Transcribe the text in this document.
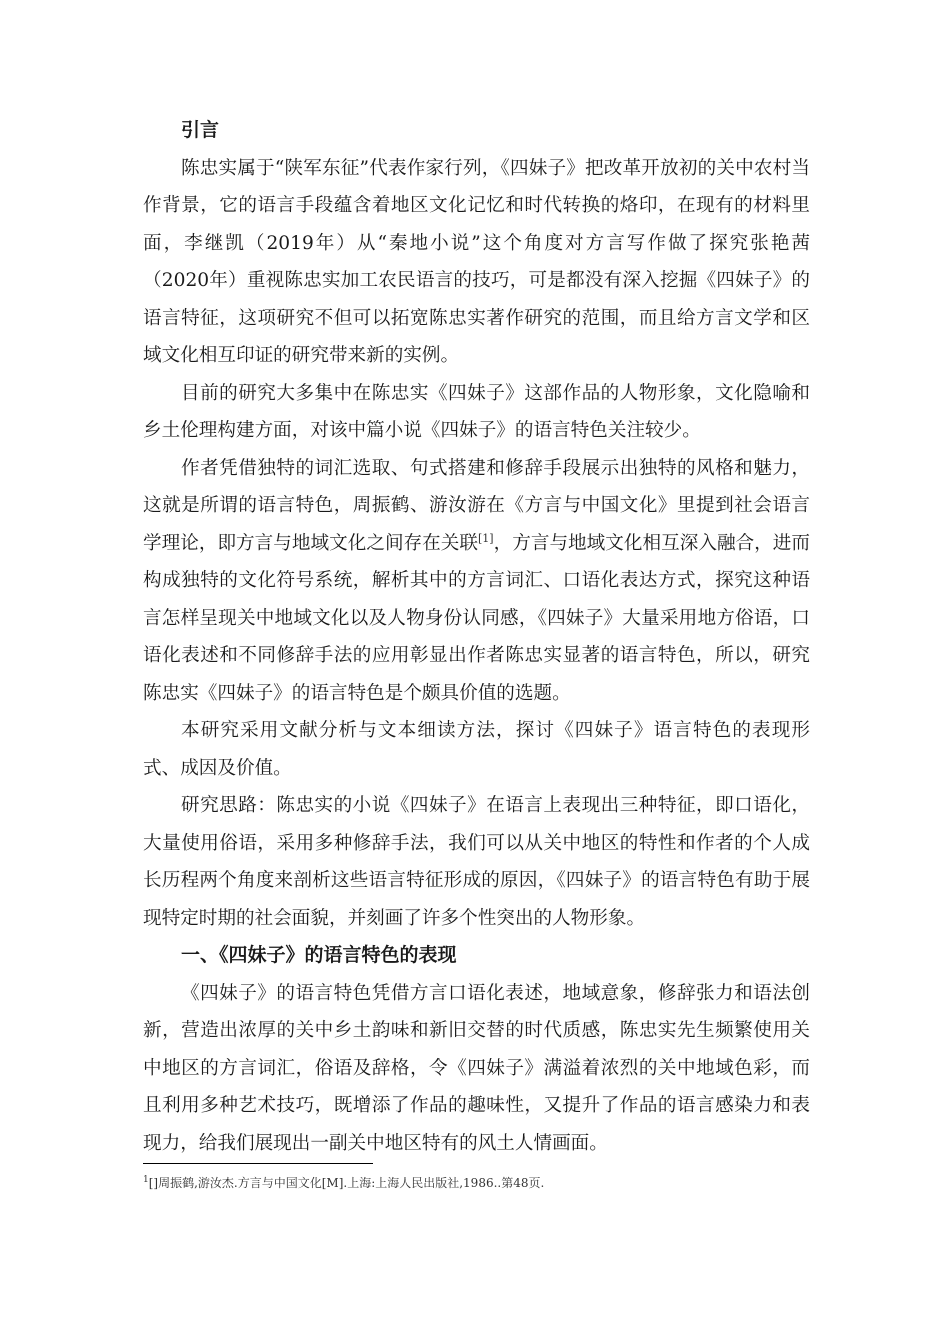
引言

陈忠实属于“陕军东征”代表作家行列，《四妹子》把改革开放初的关中农村当作背景，它的语言手段蕴含着地区文化记忆和时代转换的烙印，在现有的材料里面，李继凯（2019年）从“秦地小说”这个角度对方言写作做了探究张艳茜（2020年）重视陈忠实加工农民语言的技巧，可是都没有深入挖掘《四妹子》的语言特征，这项研究不但可以拓宽陈忠实著作研究的范围，而且给方言文学和区域文化相互印证的研究带来新的实例。

目前的研究大多集中在陈忠实《四妹子》这部作品的人物形象，文化隐喻和乡土伦理构建方面，对该中篇小说《四妹子》的语言特色关注较少。

作者凭借独特的词汇选取、句式搭建和修辞手段展示出独特的风格和魅力，这就是所谓的语言特色，周振鹤、游汝游在《方言与中国文化》里提到社会语言学理论，即方言与地域文化之间存在关联[1]，方言与地域文化相互深入融合，进而构成独特的文化符号系统，解析其中的方言词汇、口语化表达方式，探究这种语言怎样呈现关中地域文化以及人物身份认同感，《四妹子》大量采用地方俗语，口语化表述和不同修辞手法的应用彰显出作者陈忠实显著的语言特色，所以，研究陈忠实《四妹子》的语言特色是个颇具价值的选题。

本研究采用文献分析与文本细读方法，探讨《四妹子》语言特色的表现形式、成因及价值。

研究思路：陈忠实的小说《四妹子》在语言上表现出三种特征，即口语化，大量使用俗语，采用多种修辞手法，我们可以从关中地区的特性和作者的个人成长历程两个角度来剖析这些语言特征形成的原因，《四妹子》的语言特色有助于展现特定时期的社会面貌，并刻画了许多个性突出的人物形象。

一、《四妹子》的语言特色的表现

《四妹子》的语言特色凭借方言口语化表述，地域意象，修辞张力和语法创新，营造出浓厚的关中乡土韵味和新旧交替的时代质感，陈忠实先生频繁使用关中地区的方言词汇，俗语及辞格，令《四妹子》满溢着浓烈的关中地域色彩，而且利用多种艺术技巧，既增添了作品的趣味性，又提升了作品的语言感染力和表现力，给我们展现出一副关中地区特有的风土人情画面。

$^1$[]周振鹤,游汝杰.方言与中国文化[M].上海:上海人民出版社,1986..第48页.
